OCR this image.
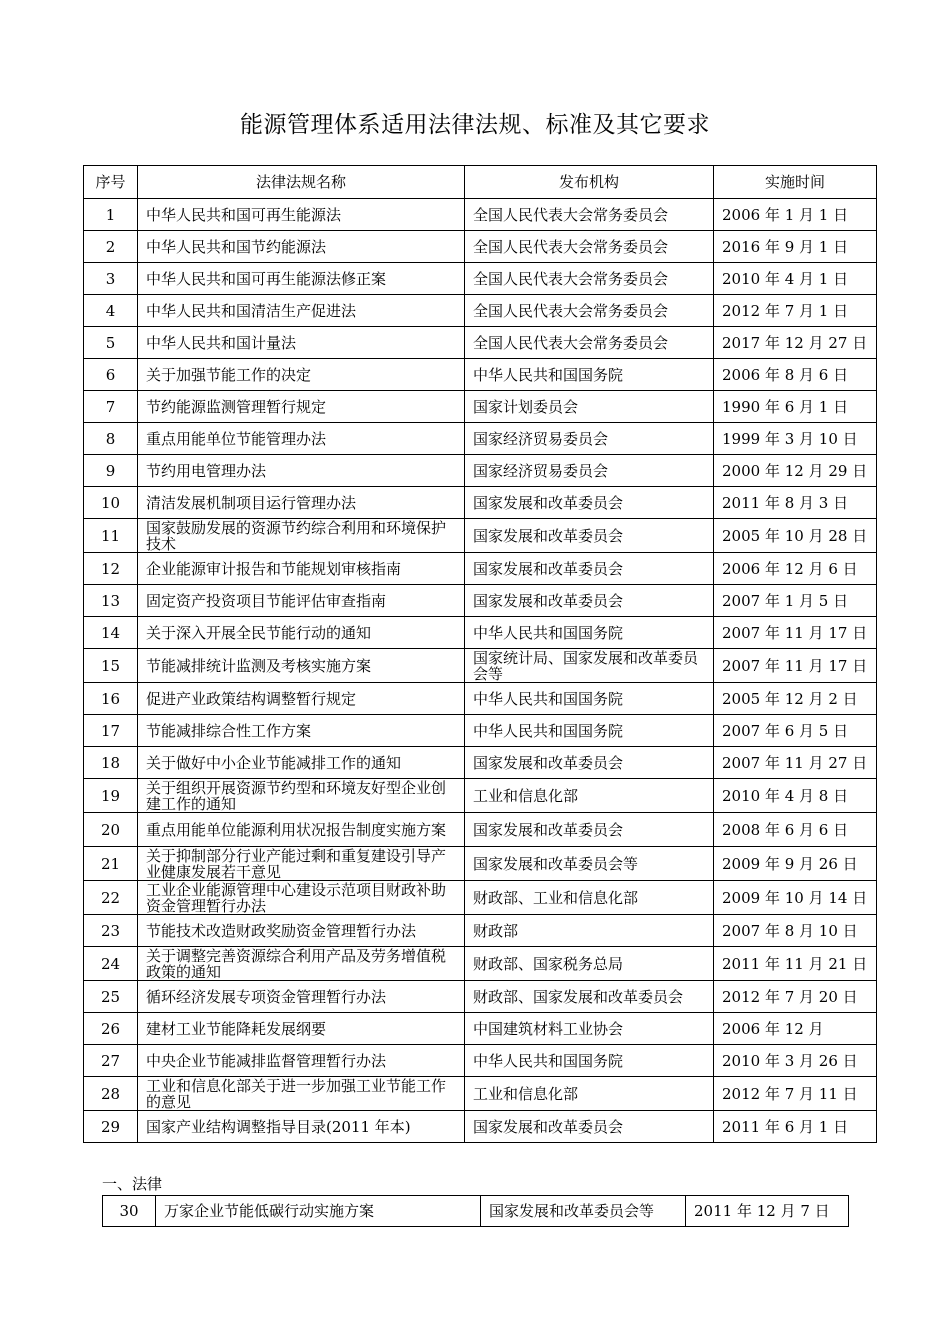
能源管理体系适用法律法规、标准及其它要求
序号	法律法规名称	发布机构	实施时间
1	中华人民共和国可再生能源法	全国人民代表大会常务委员会	2006 年 1 月 1 日
2	中华人民共和国节约能源法	全国人民代表大会常务委员会	2016 年 9 月 1 日
3	中华人民共和国可再生能源法修正案	全国人民代表大会常务委员会	2010 年 4 月 1 日
4	中华人民共和国清洁生产促进法	全国人民代表大会常务委员会	2012 年 7 月 1 日
5	中华人民共和国计量法	全国人民代表大会常务委员会	2017 年 12 月 27 日
6	关于加强节能工作的决定	中华人民共和国国务院	2006 年 8 月 6 日
7	节约能源监测管理暂行规定	国家计划委员会	1990 年 6 月 1 日
8	重点用能单位节能管理办法	国家经济贸易委员会	1999 年 3 月 10 日
9	节约用电管理办法	国家经济贸易委员会	2000 年 12 月 29 日
10	清洁发展机制项目运行管理办法	国家发展和改革委员会	2011 年 8 月 3 日
11	国家鼓励发展的资源节约综合利用和环境保护技术	国家发展和改革委员会	2005 年 10 月 28 日
12	企业能源审计报告和节能规划审核指南	国家发展和改革委员会	2006 年 12 月 6 日
13	固定资产投资项目节能评估审查指南	国家发展和改革委员会	2007 年 1 月 5 日
14	关于深入开展全民节能行动的通知	中华人民共和国国务院	2007 年 11 月 17 日
15	节能减排统计监测及考核实施方案	国家统计局、国家发展和改革委员会等	2007 年 11 月 17 日
16	促进产业政策结构调整暂行规定	中华人民共和国国务院	2005 年 12 月 2 日
17	节能减排综合性工作方案	中华人民共和国国务院	2007 年 6 月 5 日
18	关于做好中小企业节能减排工作的通知	国家发展和改革委员会	2007 年 11 月 27 日
19	关于组织开展资源节约型和环境友好型企业创建工作的通知	工业和信息化部	2010 年 4 月 8 日
20	重点用能单位能源利用状况报告制度实施方案	国家发展和改革委员会	2008 年 6 月 6 日
21	关于抑制部分行业产能过剩和重复建设引导产业健康发展若干意见	国家发展和改革委员会等	2009 年 9 月 26 日
22	工业企业能源管理中心建设示范项目财政补助资金管理暂行办法	财政部、工业和信息化部	2009 年 10 月 14 日
23	节能技术改造财政奖励资金管理暂行办法	财政部	2007 年 8 月 10 日
24	关于调整完善资源综合利用产品及劳务增值税政策的通知	财政部、国家税务总局	2011 年 11 月 21 日
25	循环经济发展专项资金管理暂行办法	财政部、国家发展和改革委员会	2012 年 7 月 20 日
26	建材工业节能降耗发展纲要	中国建筑材料工业协会	2006 年 12 月
27	中央企业节能减排监督管理暂行办法	中华人民共和国国务院	2010 年 3 月 26 日
28	工业和信息化部关于进一步加强工业节能工作的意见	工业和信息化部	2012 年 7 月 11 日
29	国家产业结构调整指导目录(2011 年本)	国家发展和改革委员会	2011 年 6 月 1 日
一、法律
30	万家企业节能低碳行动实施方案	国家发展和改革委员会等	2011 年 12 月 7 日
